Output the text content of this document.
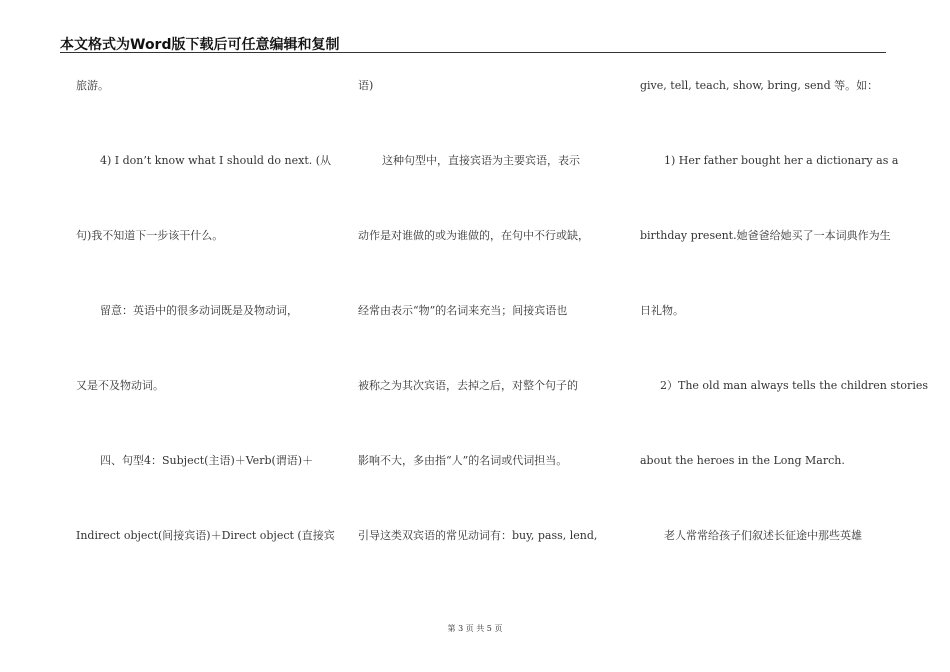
本文格式为Word版下载后可任意编辑和复制
旅游。
4) I don’t know what I should do next. (从
句)我不知道下一步该干什么。
留意：英语中的很多动词既是及物动词，
又是不及物动词。
四、句型4：Subject(主语)＋Verb(谓语)＋
Indirect object(间接宾语)＋Direct object (直接宾
语)
这种句型中，直接宾语为主要宾语，表示
动作是对谁做的或为谁做的，在句中不行或缺，
经常由表示“物”的名词来充当；间接宾语也
被称之为其次宾语，去掉之后，对整个句子的
影响不大，多由指“人”的名词或代词担当。
引导这类双宾语的常见动词有：buy, pass, lend,
give, tell, teach, show, bring, send 等。如：
1) Her father bought her a dictionary as a
birthday present.她爸爸给她买了一本词典作为生
日礼物。
2）The old man always tells the children stories
about the heroes in the Long March.
老人常常给孩子们叙述长征途中那些英雄
第 3 页 共 5 页
